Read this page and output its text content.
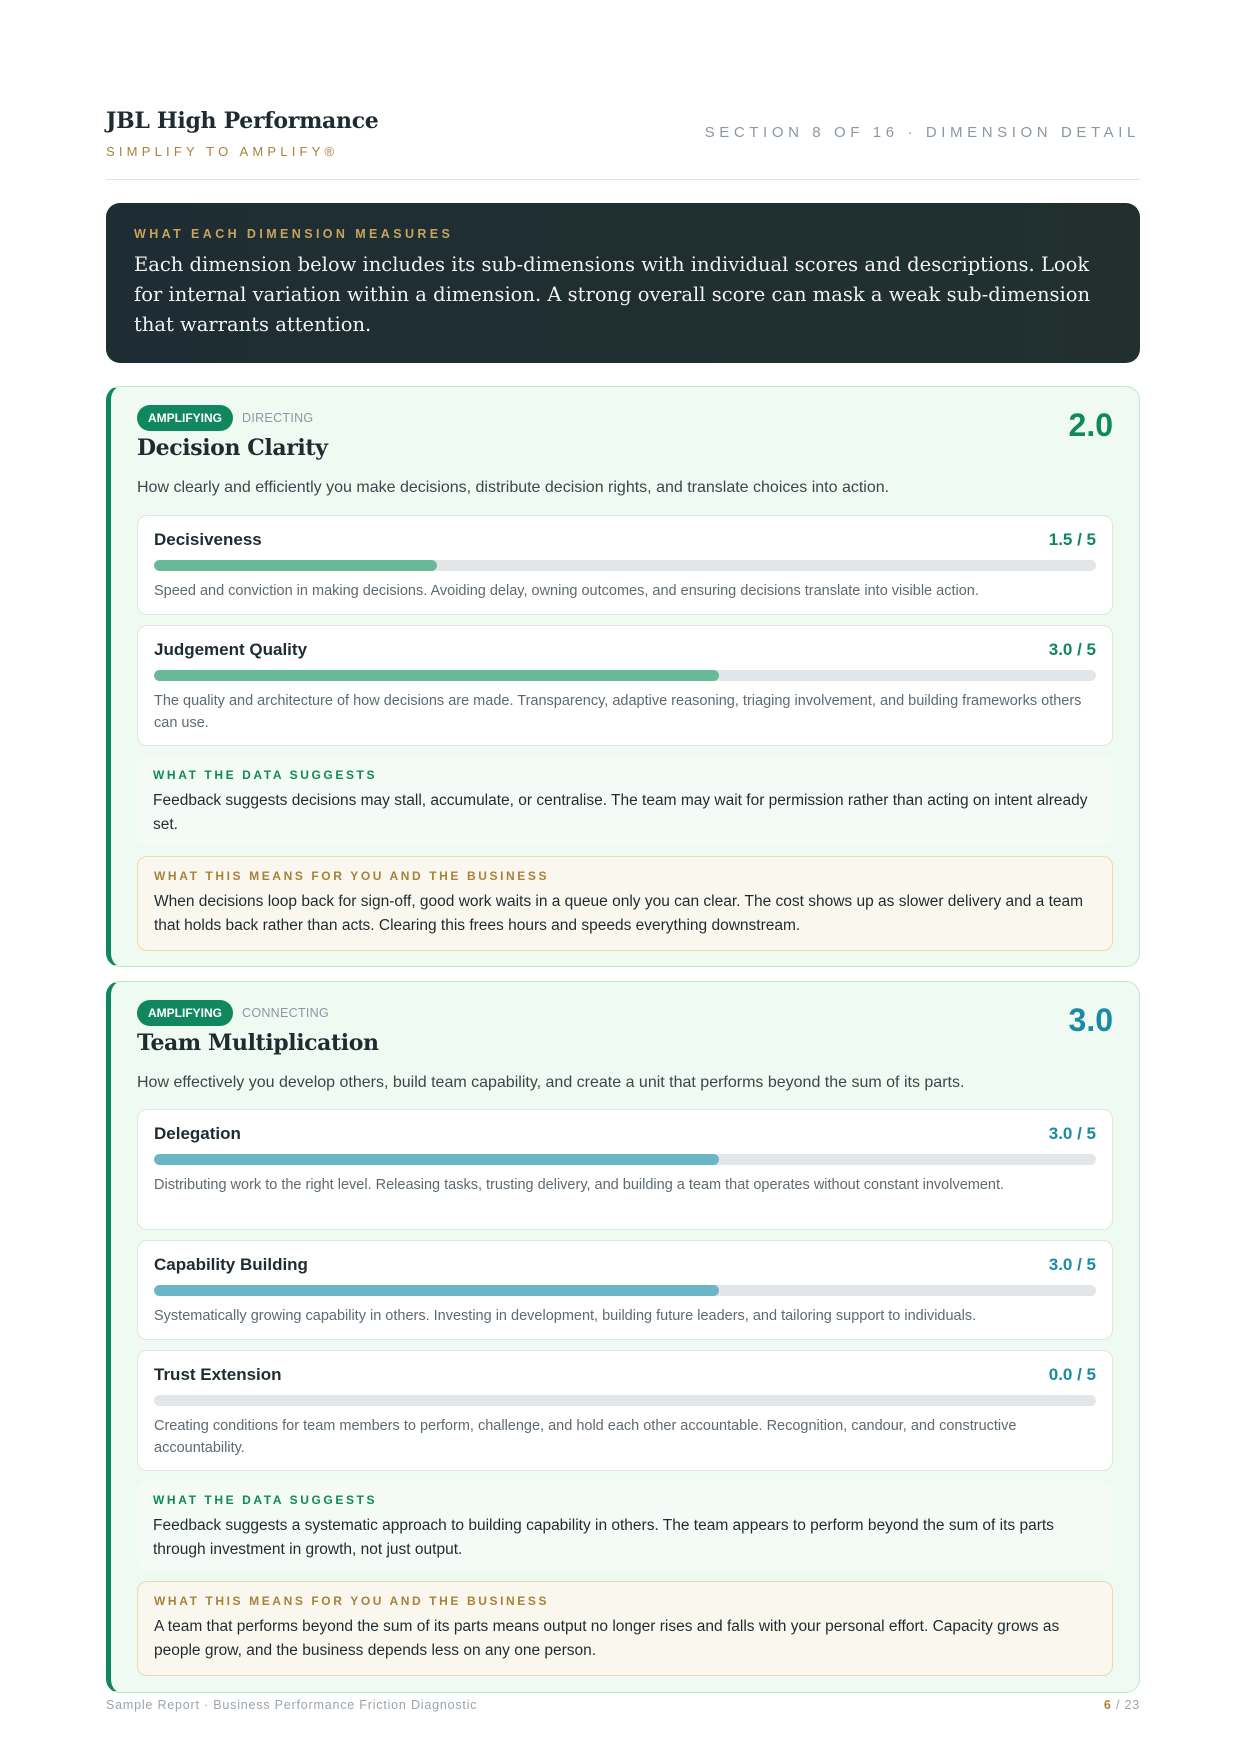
JBL High Performance
SIMPLIFY TO AMPLIFY®
SECTION 8 OF 16 · DIMENSION DETAIL
WHAT EACH DIMENSION MEASURES
Each dimension below includes its sub-dimensions with individual scores and descriptions. Look for internal variation within a dimension. A strong overall score can mask a weak sub-dimension that warrants attention.
AMPLIFYING	DIRECTING	2.0
Decision Clarity
How clearly and efficiently you make decisions, distribute decision rights, and translate choices into action.
Decisiveness	1.5 / 5
Speed and conviction in making decisions. Avoiding delay, owning outcomes, and ensuring decisions translate into visible action.
Judgement Quality	3.0 / 5
The quality and architecture of how decisions are made. Transparency, adaptive reasoning, triaging involvement, and building frameworks others can use.
WHAT THE DATA SUGGESTS
Feedback suggests decisions may stall, accumulate, or centralise. The team may wait for permission rather than acting on intent already set.
WHAT THIS MEANS FOR YOU AND THE BUSINESS
When decisions loop back for sign-off, good work waits in a queue only you can clear. The cost shows up as slower delivery and a team that holds back rather than acts. Clearing this frees hours and speeds everything downstream.
AMPLIFYING	CONNECTING	3.0
Team Multiplication
How effectively you develop others, build team capability, and create a unit that performs beyond the sum of its parts.
Delegation	3.0 / 5
Distributing work to the right level. Releasing tasks, trusting delivery, and building a team that operates without constant involvement.
Capability Building	3.0 / 5
Systematically growing capability in others. Investing in development, building future leaders, and tailoring support to individuals.
Trust Extension	0.0 / 5
Creating conditions for team members to perform, challenge, and hold each other accountable. Recognition, candour, and constructive accountability.
WHAT THE DATA SUGGESTS
Feedback suggests a systematic approach to building capability in others. The team appears to perform beyond the sum of its parts through investment in growth, not just output.
WHAT THIS MEANS FOR YOU AND THE BUSINESS
A team that performs beyond the sum of its parts means output no longer rises and falls with your personal effort. Capacity grows as people grow, and the business depends less on any one person.
Sample Report · Business Performance Friction Diagnostic	6 / 23
